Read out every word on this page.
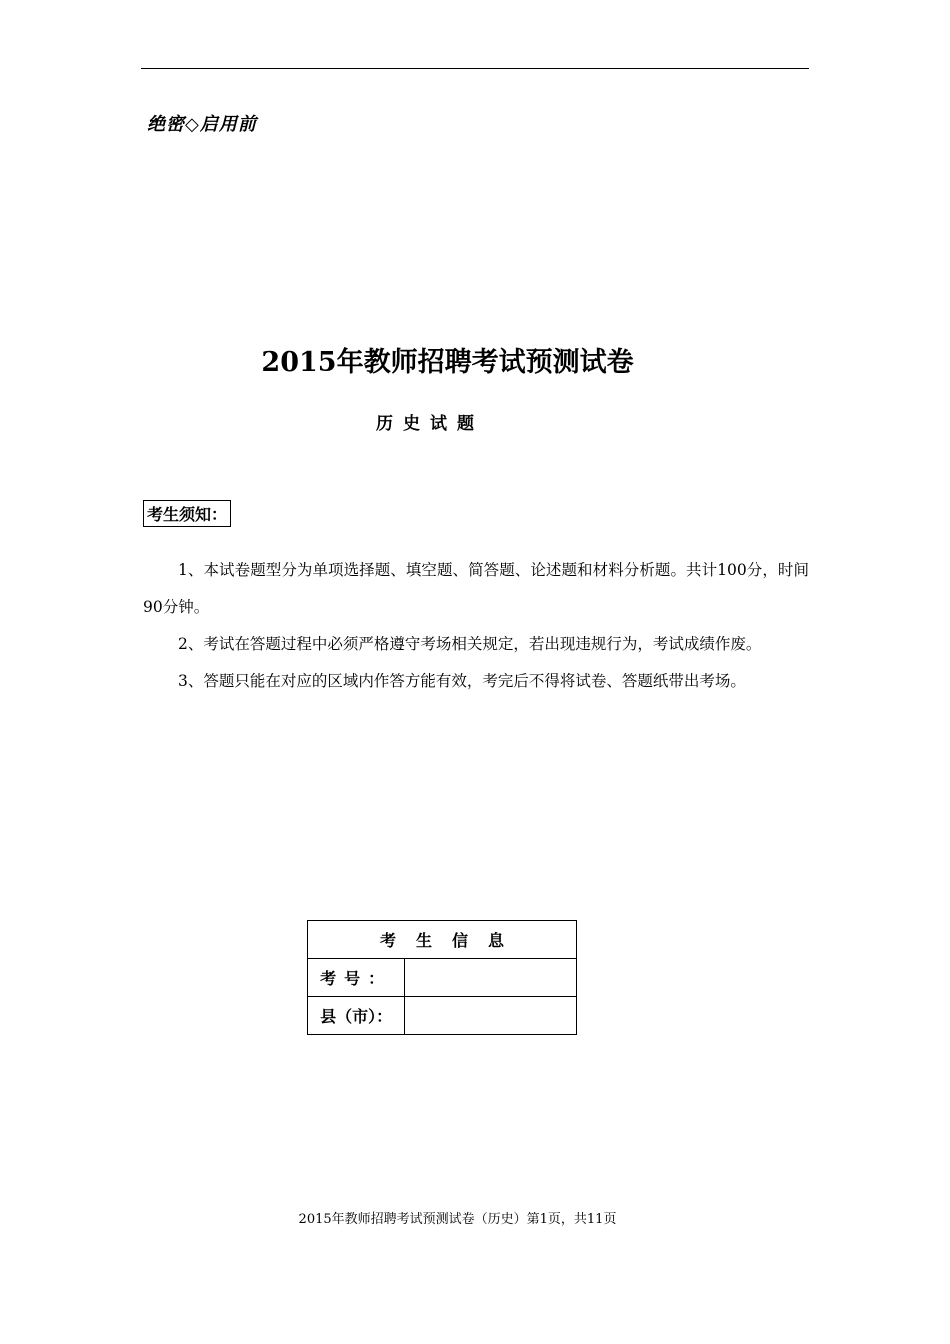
绝密◇启用前
2015年教师招聘考试预测试卷
历史试题
考生须知：

1、本试卷题型分为单项选择题、填空题、简答题、论述题和材料分析题。共计100分，时间90分钟。

2、考试在答题过程中必须严格遵守考场相关规定，若出现违规行为，考试成绩作废。

3、答题只能在对应的区域内作答方能有效，考完后不得将试卷、答题纸带出考场。

考生信息	
考号：	
县（市）：	
2015年教师招聘考试预测试卷（历史）第1页，共11页
